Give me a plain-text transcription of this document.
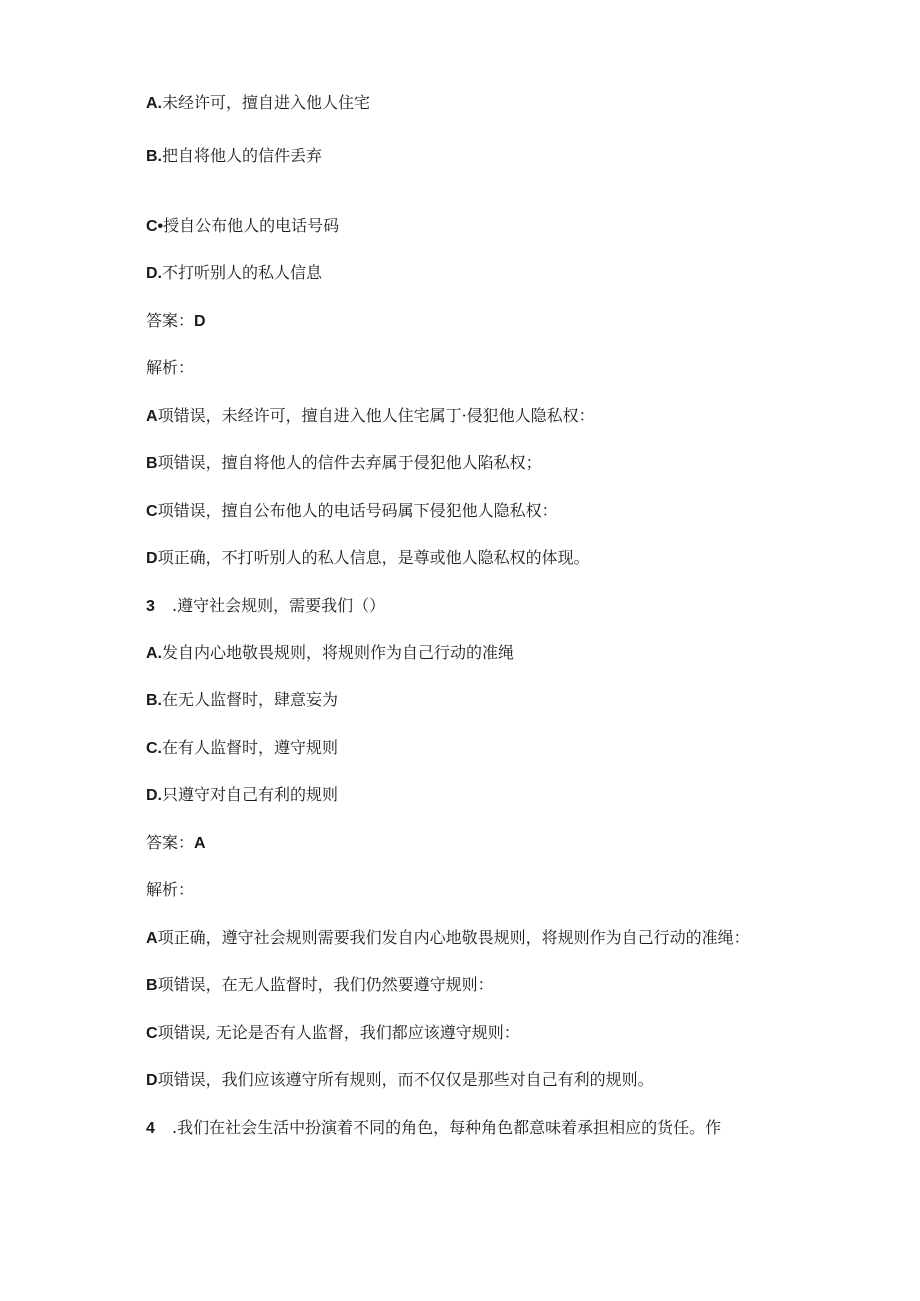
A.未经许可，擅自进入他人住宅
B.把自将他人的信件丢弃
C•授自公布他人的电话号码
D.不打听别人的私人信息
答案：D
解析：
A项错误，未经许可，擅自进入他人住宅属丁·侵犯他人隐私权：
B项错误，擅自将他人的信件去弃属于侵犯他人陷私权；
C项错误，擅自公布他人的电话号码属下侵犯他人隐私权：
D项正确，不打听别人的私人信息，是尊或他人隐私权的体现。
3 .遵守社会规则，需要我们（）
A.发自内心地敬畏规则，将规则作为自己行动的准绳
B.在无人监督时，肆意妄为
C.在有人监督时，遵守规则
D.只遵守对自己有利的规则
答案：A
解析：
A项正确，遵守社会规则需要我们发自内心地敬畏规则，将规则作为自己行动的准绳：
B项错误，在无人监督时，我们仍然要遵守规则：
C项错误, 无论是否有人监督，我们都应该遵守规则：
D项错误，我们应该遵守所有规则，而不仅仅是那些对自己有利的规则。
4 .我们在社会生活中扮演着不同的角色，每种角色都意味着承担相应的货任。作
